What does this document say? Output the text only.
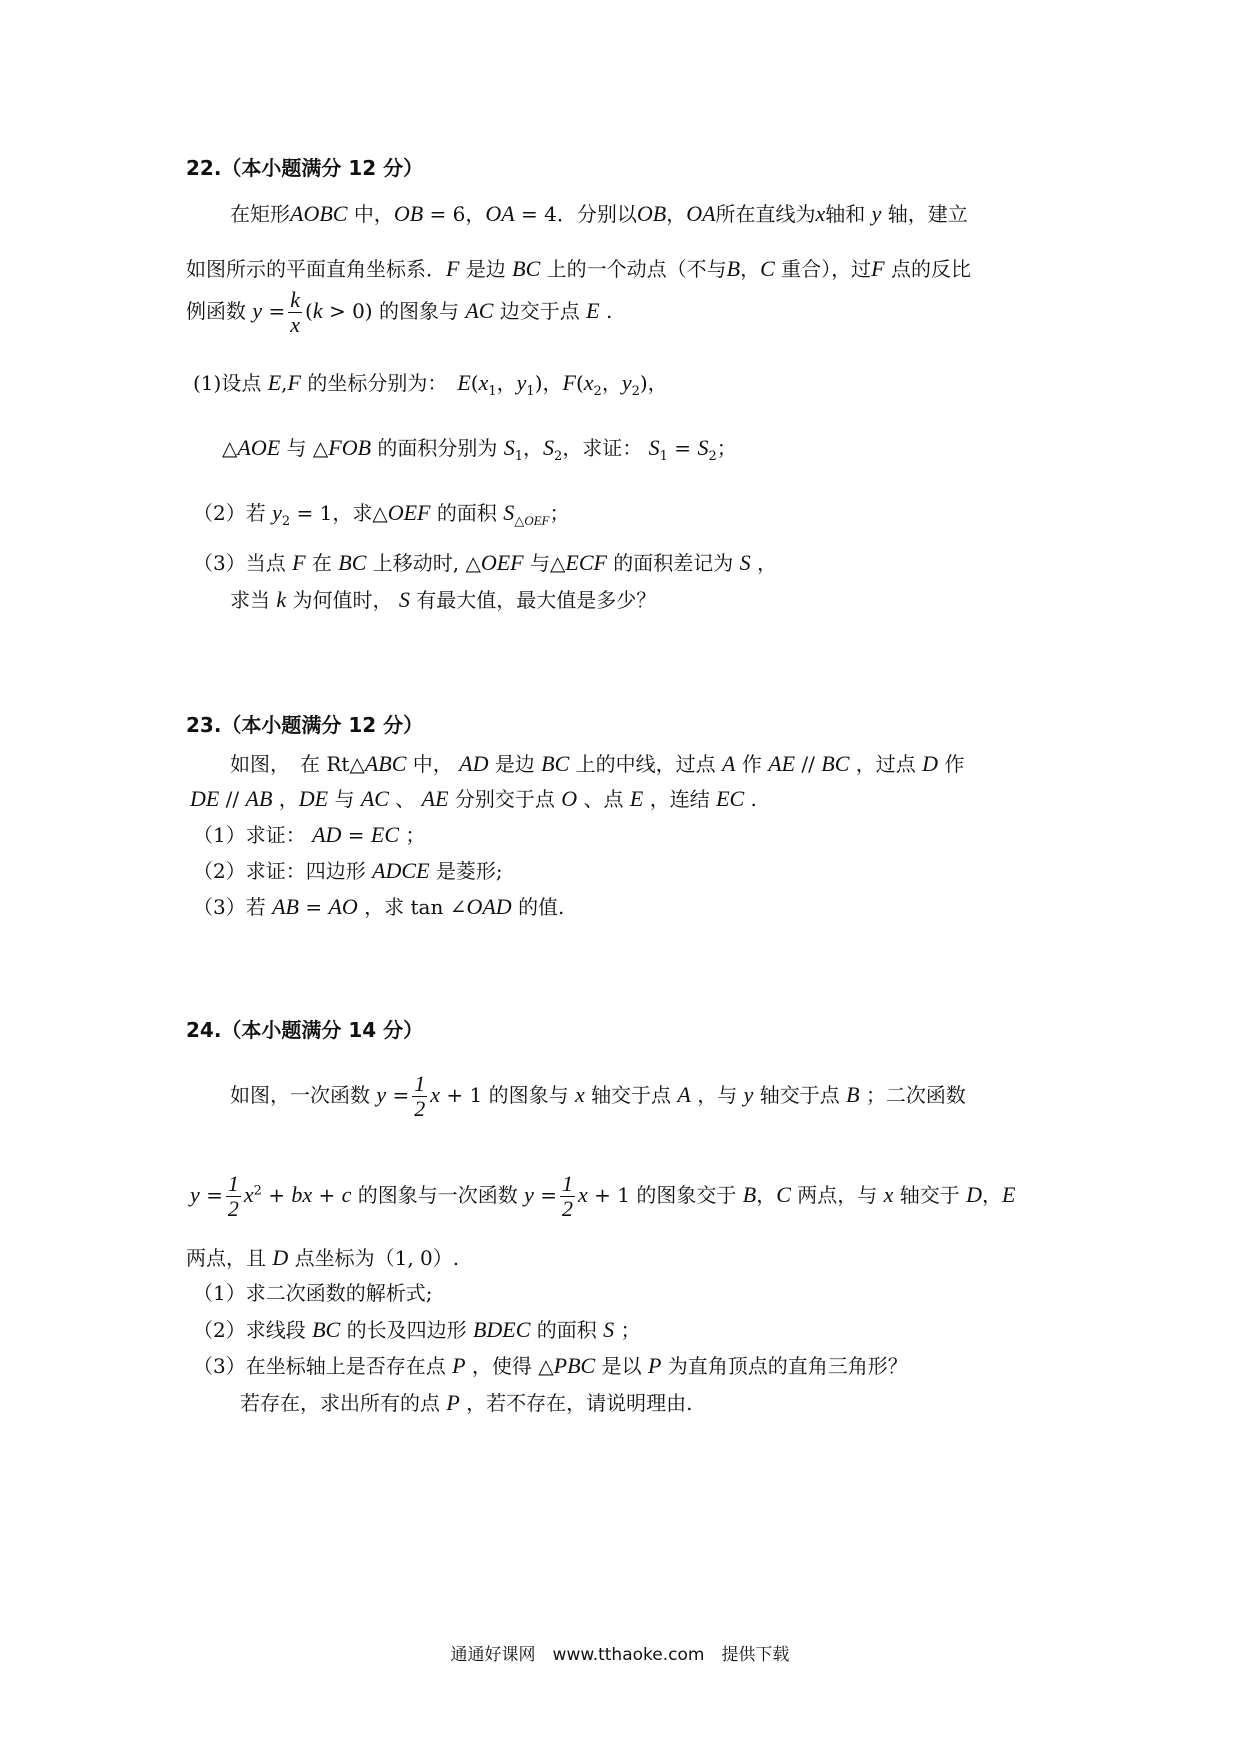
22.（本小题满分 12 分）
在矩形AOBC 中，OB = 6，OA = 4．分别以OB，OA所在直线为x轴和 y 轴，建立
如图所示的平面直角坐标系．F 是边 BC 上的一个动点（不与B，C 重合），过F 点的反比
例函数 $y = \frac{k}{x} (k > 0)$ 的图象与 AC 边交于点 E .
(1)设点 E,F 的坐标分别为：　 $E(x_1$，$y_1$)，$F(x_2$，$y_2$)，
△AOE 与 △FOB 的面积分别为 $S_1$，$S_2$，求证： $S_1 = S_2$；
（2）若 $y_2 = 1$，求△OEF 的面积 $S_{\triangle OEF}$；
（3）当点 F 在 BC 上移动时, △OEF 与△ECF 的面积差记为 S ，
求当 k 为何值时， S 有最大值，最大值是多少？
23.（本小题满分 12 分）
如图，　在 Rt△ABC 中， AD 是边 BC 上的中线，过点 A 作 AE // BC ，过点 D 作
DE // AB ，DE 与 AC 、 AE 分别交于点 O 、点 E ，连结 EC .
（1）求证： AD = EC ；
（2）求证：四边形 ADCE 是菱形;
（3）若 AB = AO ，求 tan ∠OAD 的值.
24.（本小题满分 14 分）
如图，一次函数 $y = \frac{1}{2}$ x + 1 的图象与 x 轴交于点 A ，与 y 轴交于点 B ；二次函数
$y = \frac{1}{2} x^2$ + bx + c 的图象与一次函数 $y = \frac{1}{2}$ x + 1 的图象交于 B，C 两点，与 x 轴交于 D，E
两点，且 D 点坐标为（1, 0）.
（1）求二次函数的解析式;
（2）求线段 BC 的长及四边形 BDEC 的面积 S ；
（3）在坐标轴上是否存在点 P ，使得 △PBC 是以 P 为直角顶点的直角三角形？
若存在，求出所有的点 P ，若不存在，请说明理由.
通通好课网　www.tthaoke.com　提供下载
